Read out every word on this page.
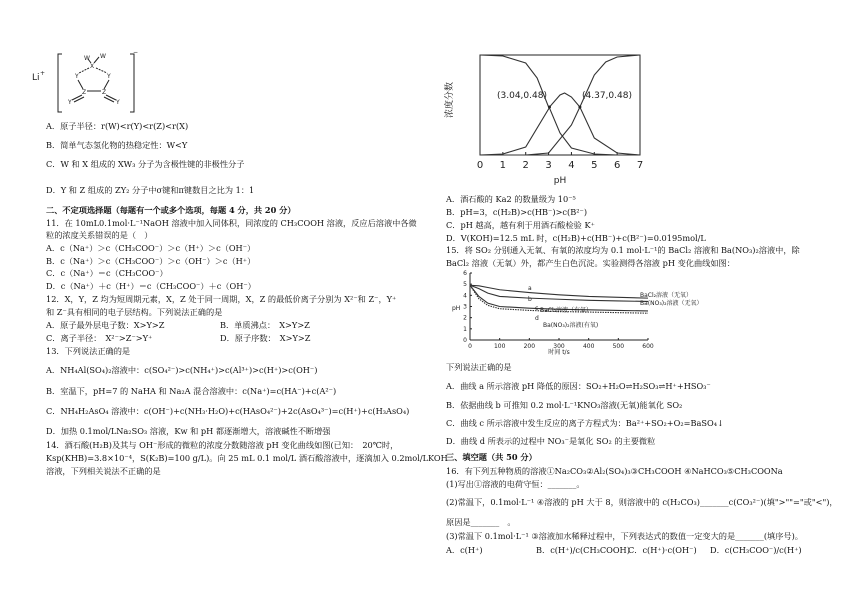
Li +
−
W W
X
Y	Y
Z	Z
Y	Y
A．原子半径：r(W)<r(Y)<r(Z)<r(X)
B．简单气态氢化物的热稳定性：W<Y
C．W 和 X 组成的 XW₃ 分子为含极性键的非极性分子
D．Y 和 Z 组成的 ZY₂ 分子中σ键和π键数目之比为 1：1
二、不定项选择题（每题有一个或多个选项，每题 4 分，共 20 分）
11．在 10mL0.1mol·L⁻¹NaOH 溶液中加入同体积，同浓度的 CH₃COOH 溶液，反应后溶液中各微
粒的浓度关系错误的是（　）
A．c（Na⁺）＞c（CH₃COO⁻）＞c（H⁺）＞c（OH⁻）
B．c（Na⁺）＞c（CH₃COO⁻）＞c（OH⁻）＞c（H⁺）
C．c（Na⁺）＝c（CH₃COO⁻）
D．c（Na⁺）＋c（H⁺）＝c（CH₃COO⁻）＋c（OH⁻）
12．X，Y，Z 均为短周期元素，X，Z 处于同一周期，X，Z 的最低价离子分别为 X²⁻和 Z⁻，Y⁺
和 Z⁻具有相同的电子层结构。下列说法正确的是
A．原子最外层电子数：X>Y>Z	B．单质沸点：　X>Y>Z
C．离子半径：　X²⁻>Z⁻>Y⁺	D．原子序数：　X>Y>Z
13．下列说法正确的是
A．NH₄Al(SO₄)₂溶液中：c(SO₄²⁻)>c(NH₄⁺)>c(Al³⁺)>c(H⁺)>c(OH⁻)
B．室温下，pH=7 的 NaHA 和 Na₂A 混合溶液中：c(Na⁺)=c(HA⁻)+c(A²⁻)
C．NH₄H₂AsO₄ 溶液中：c(OH⁻)+c(NH₃·H₂O)+c(HAsO₄²⁻)+2c(AsO₄³⁻)=c(H⁺)+c(H₃AsO₄)
D．加热 0.1mol/LNa₂SO₃ 溶液，Kw 和 pH 都逐渐增大，溶液碱性不断增强
14．酒石酸(H₂B)及其与 OH⁻形成的微粒的浓度分数随溶液 pH 变化曲线如图(已知：　20℃时，
Ksp(KHB)=3.8×10⁻⁴，S(K₂B)=100 g/L)。向 25 mL 0.1 mol/L 酒石酸溶液中，逐滴加入 0.2mol/LKOH
溶液，下列相关说法不正确的是
浓度分数
0 1 2 3 4 5 6 7
pH
(3.04,0.48)	(4.37,0.48)
A．酒石酸的 Ka2 的数量级为 10⁻⁵
B．pH=3，c(H₂B)>c(HB⁻)>c(B²⁻)
C．pH 越高，越有利于用酒石酸检验 K⁺
D．V(KOH)=12.5 mL 时，c(H₂B)+c(HB⁻)+c(B²⁻)=0.0195mol/L
15．将 SO₂ 分别通入无氧、有氧的浓度均为 0.1 mol·L⁻¹的 BaCl₂ 溶液和 Ba(NO₃)₂溶液中，除
BaCl₂ 溶液（无氧）外，都产生白色沉淀。实验测得各溶液 pH 变化曲线如图：
pH
0
1
2
3
4
5
6
0	100	200	300	400	500	600
时间 t/s
BaCl₂溶液（无氧）
Ba(NO₃)₂溶液（无氧）
BaCl₂溶液（有氧）
Ba(NO₃)₂溶液(有氧)
a
b
c
d
下列说法正确的是
A．曲线 a 所示溶液 pH 降低的原因：SO₂+H₂O⇌H₂SO₃⇌H⁺+HSO₃⁻
B．依据曲线 b 可推知 0.2 mol·L⁻¹KNO₃溶液(无氧)能氧化 SO₂
C．曲线 c 所示溶液中发生反应的离子方程式为：Ba²⁺+SO₂+O₂=BaSO₄↓
D．曲线 d 所表示的过程中 NO₃⁻是氧化 SO₂ 的主要微粒
三、填空题（共 50 分）
16．有下列五种物质的溶液①Na₂CO₃②Al₂(SO₄)₃③CH₃COOH ④NaHCO₃⑤CH₃COONa
(1)写出①溶液的电荷守恒：_______。
(2)常温下，0.1mol·L⁻¹ ④溶液的 pH 大于 8，则溶液中的 c(H₂CO₃)_______c(CO₃²⁻)(填">""="或"<")，
原因是_______　。
(3)常温下 0.1mol·L⁻¹ ③溶液加水稀释过程中，下列表达式的数值一定变大的是_______(填序号)。
A．c(H⁺)	B．c(H⁺)/c(CH₃COOH)
C．c(H⁺)·c(OH⁻) D．c(CH₃COO⁻)/c(H⁺)
